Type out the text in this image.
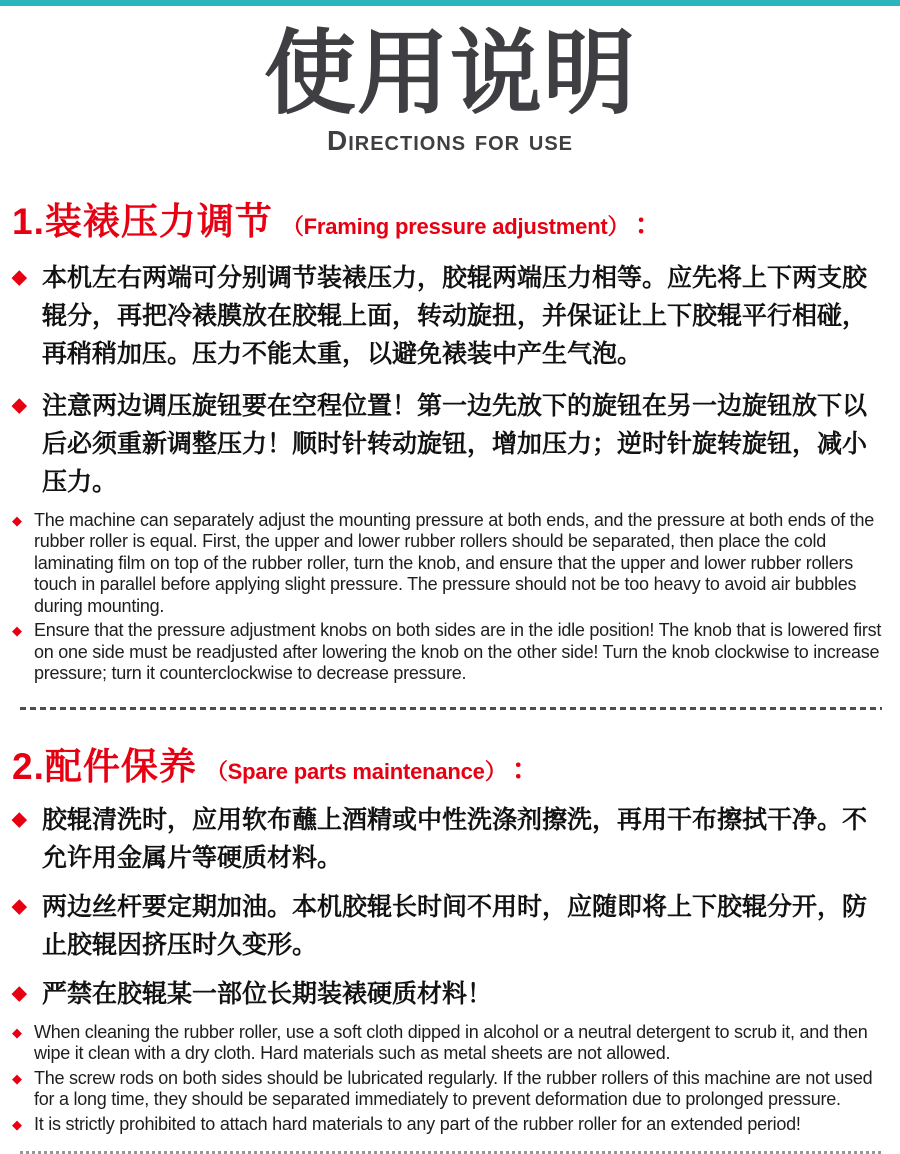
使用说明
Directions for use
1.装裱压力调节 （Framing pressure adjustment） ：
◆ 本机左右两端可分别调节装裱压力，胶辊两端压力相等。应先将上下两支胶辊分，再把冷裱膜放在胶辊上面，转动旋扭，并保证让上下胶辊平行相碰，再稍稍加压。压力不能太重，以避免裱装中产生气泡。
◆ 注意两边调压旋钮要在空程位置！第一边先放下的旋钮在另一边旋钮放下以后必须重新调整压力！顺时针转动旋钮，增加压力；逆时针旋转旋钮，减小压力。
◆ The machine can separately adjust the mounting pressure at both ends, and the pressure at both ends of the rubber roller is equal. First, the upper and lower rubber rollers should be separated, then place the cold laminating film on top of the rubber roller, turn the knob, and ensure that the upper and lower rubber rollers touch in parallel before applying slight pressure. The pressure should not be too heavy to avoid air bubbles during mounting.
◆ Ensure that the pressure adjustment knobs on both sides are in the idle position! The knob that is lowered first on one side must be readjusted after lowering the knob on the other side! Turn the knob clockwise to increase pressure; turn it counterclockwise to decrease pressure.
2.配件保养 （Spare parts maintenance） ：
◆ 胶辊清洗时，应用软布蘸上酒精或中性洗涤剂擦洗，再用干布擦拭干净。不允许用金属片等硬质材料。
◆ 两边丝杆要定期加油。本机胶辊长时间不用时，应随即将上下胶辊分开，防止胶辊因挤压时久变形。
◆ 严禁在胶辊某一部位长期装裱硬质材料！
◆ When cleaning the rubber roller, use a soft cloth dipped in alcohol or a neutral detergent to scrub it, and then wipe it clean with a dry cloth. Hard materials such as metal sheets are not allowed.
◆ The screw rods on both sides should be lubricated regularly. If the rubber rollers of this machine are not used for a long time, they should be separated immediately to prevent deformation due to prolonged pressure.
◆ It is strictly prohibited to attach hard materials to any part of the rubber roller for an extended period!
